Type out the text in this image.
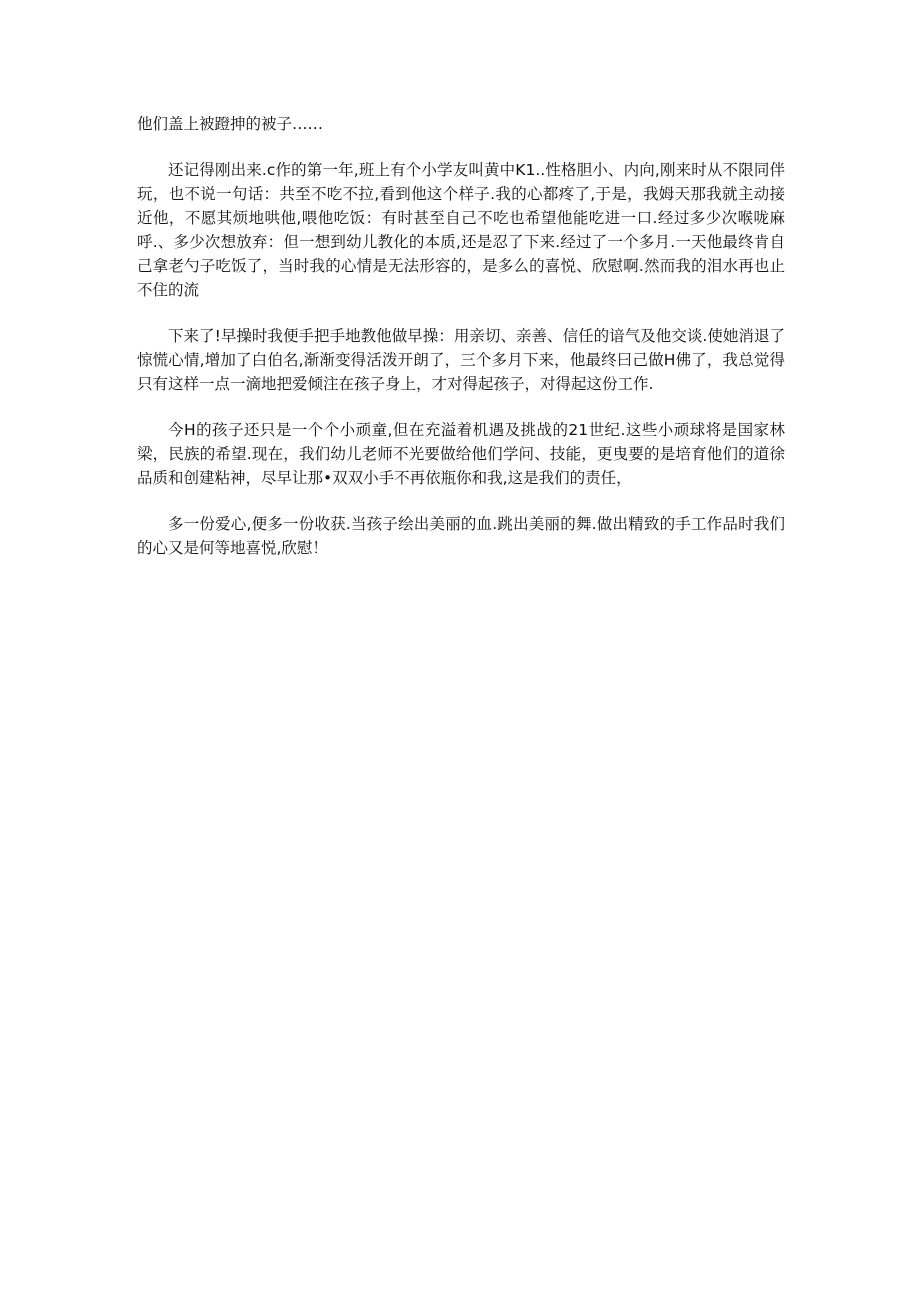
他们盖上被蹬抻的被子……

还记得刚出来.c作的第一年,班上有个小学友叫黄中K1..性格胆小、内向,刚来时从不限同伴玩，也不说一句话：共至不吃不拉,看到他这个样子.我的心都疼了,于是，我姆天那我就主动接近他，不愿其烦地哄他,喂他吃饭：有时甚至自己不吃也希望他能吃进一口.经过多少次喉咙麻呼.、多少次想放弃：但一想到幼儿教化的本质,还是忍了下来.经过了一个多月.一天他最终肯自己拿老勺子吃饭了，当时我的心情是无法形容的，是多么的喜悦、欣慰啊.然而我的泪水再也止不住的流

下来了!早操时我便手把手地教他做早操：用亲切、亲善、信任的谙气及他交谈.使她消退了惊慌心情,增加了白伯名,渐渐变得活泼开朗了，三个多月下来，他最终曰己做H佛了，我总觉得只有这样一点一滴地把爱倾注在孩子身上，才对得起孩子，对得起这份工作.

今H的孩子还只是一个个小顽童,但在充溢着机遇及挑战的21世纪.这些小顽球将是国家林梁，民族的希望.现在，我们幼儿老师不光要做给他们学问、技能，更曳要的是培育他们的道徐品质和创建粘神，尽早让那•双双小手不再依瓶你和我,这是我们的责任，

多一份爱心,便多一份收获.当孩子绘出美丽的血.跳出美丽的舞.做出精致的手工作品时我们的心又是何等地喜悦,欣慰！
